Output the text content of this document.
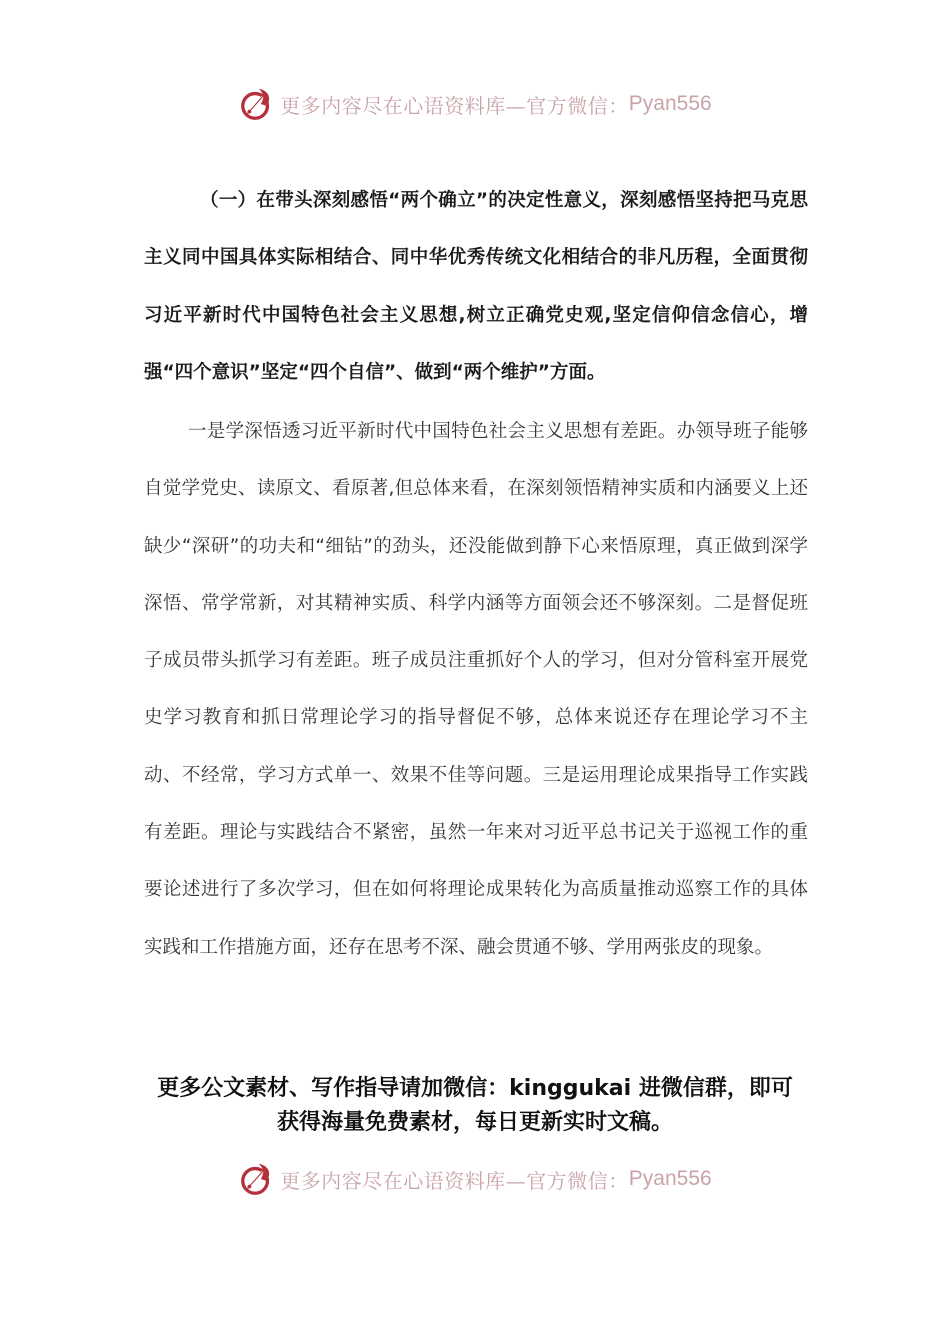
更多内容尽在心语资料库—官方微信： Pyan556
（一）在带头深刻感悟“两个确立”的决定性意义，深刻感悟坚持把马克思主义同中国具体实际相结合、同中华优秀传统文化相结合的非凡历程，全面贯彻习近平新时代中国特色社会主义思想,树立正确党史观,坚定信仰信念信心，增强“四个意识”坚定“四个自信”、做到“两个维护”方面。
一是学深悟透习近平新时代中国特色社会主义思想有差距。办领导班子能够自觉学党史、读原文、看原著,但总体来看，在深刻领悟精神实质和内涵要义上还缺少“深研”的功夫和“细钻”的劲头，还没能做到静下心来悟原理，真正做到深学深悟、常学常新，对其精神实质、科学内涵等方面领会还不够深刻。二是督促班子成员带头抓学习有差距。班子成员注重抓好个人的学习，但对分管科室开展党史学习教育和抓日常理论学习的指导督促不够，总体来说还存在理论学习不主动、不经常，学习方式单一、效果不佳等问题。三是运用理论成果指导工作实践有差距。理论与实践结合不紧密，虽然一年来对习近平总书记关于巡视工作的重要论述进行了多次学习，但在如何将理论成果转化为高质量推动巡察工作的具体实践和工作措施方面，还存在思考不深、融会贯通不够、学用两张皮的现象。
更多公文素材、写作指导请加微信：kinggukai 进微信群，即可
获得海量免费素材，每日更新实时文稿。
更多内容尽在心语资料库—官方微信： Pyan556
